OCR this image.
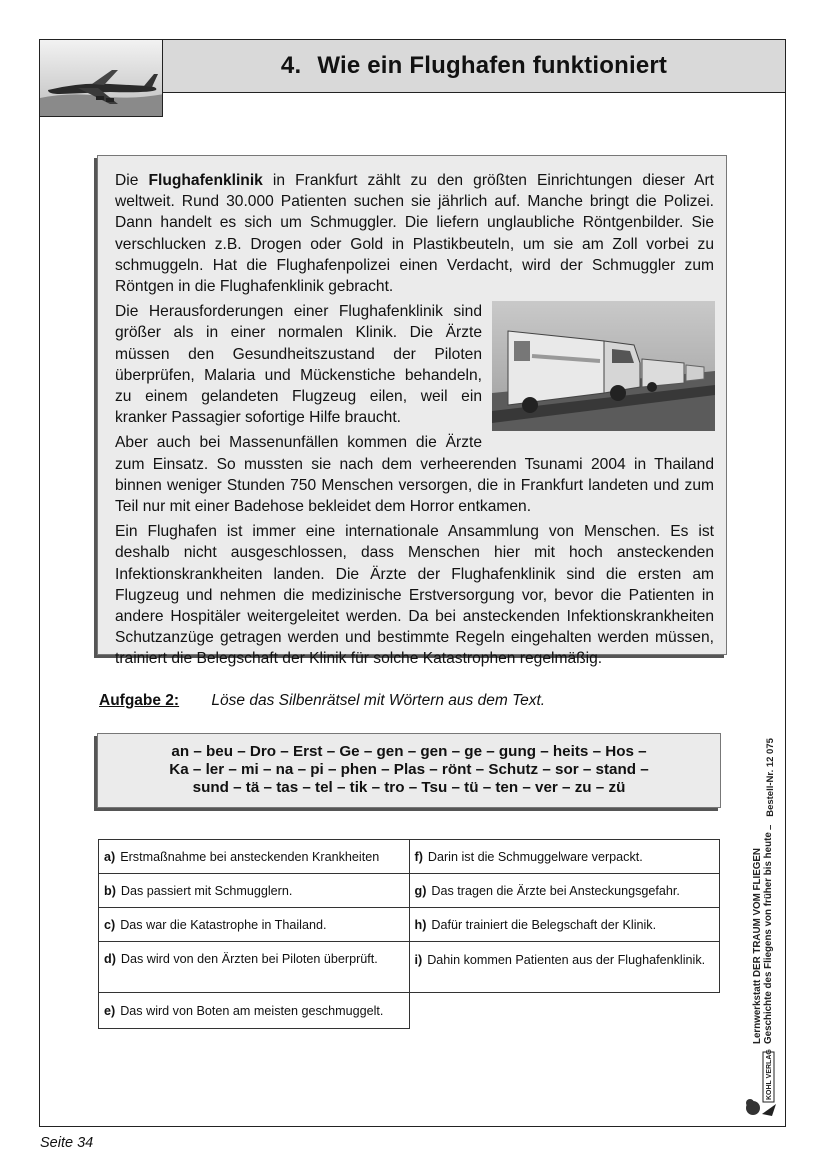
4. Wie ein Flughafen funktioniert

Die Flughafenklinik in Frankfurt zählt zu den größten Einrichtungen dieser Art weltweit. Rund 30.000 Patienten suchen sie jährlich auf. Manche bringt die Polizei. Dann handelt es sich um Schmuggler. Die liefern unglaubliche Röntgenbilder. Sie verschlucken z.B. Drogen oder Gold in Plastikbeuteln, um sie am Zoll vorbei zu schmuggeln. Hat die Flughafenpolizei einen Verdacht, wird der Schmuggler zum Röntgen in die Flughafenklinik gebracht.

Die Herausforderungen einer Flughafenklinik sind größer als in einer normalen Klinik. Die Ärzte müssen den Gesundheitszustand der Piloten überprüfen, Malaria und Mückenstiche behandeln, zu einem gelandeten Flugzeug eilen, weil ein kranker Passagier sofortige Hilfe braucht.

Aber auch bei Massenunfällen kommen die Ärzte zum Einsatz. So mussten sie nach dem verheerenden Tsunami 2004 in Thailand binnen weniger Stunden 750 Menschen versorgen, die in Frankfurt landeten und zum Teil nur mit einer Badehose bekleidet dem Horror entkamen.

Ein Flughafen ist immer eine internationale Ansammlung von Menschen. Es ist deshalb nicht ausgeschlossen, dass Menschen hier mit hoch ansteckenden Infektionskrankheiten landen. Die Ärzte der Flughafenklinik sind die ersten am Flugzeug und nehmen die medizinische Erstversorgung vor, bevor die Patienten in andere Hospitäler weitergeleitet werden. Da bei ansteckenden Infektionskrankheiten Schutzanzüge getragen werden und bestimmte Regeln eingehalten werden müssen, trainiert die Belegschaft der Klinik für solche Katastrophen regelmäßig.

Aufgabe 2: Löse das Silbenrätsel mit Wörtern aus dem Text.
an – beu – Dro – Erst – Ge – gen – gen – ge – gung – heits – Hos –
Ka – ler – mi – na – pi – phen – Plas – rönt – Schutz – sor – stand –
sund – tä – tas – tel – tik – tro – Tsu – tü – ten – ver – zu – zü
a) Erstmaßnahme bei ansteckenden Krankheiten	f) Darin ist die Schmuggelware verpackt.

b) Das passiert mit Schmugglern.	g) Das tragen die Ärzte bei Ansteckungsgefahr.

c) Das war die Katastrophe in Thailand.	h) Dafür trainiert die Belegschaft der Klinik.

d) Das wird von den Ärzten bei Piloten überprüft.	i) Dahin kommen Patienten aus der Flughafenklinik.

e) Das wird von Boten am meisten geschmuggelt.	
		Lernwerkstatt DER TRAUM VOM FLIEGEN Geschichte des Fliegens von früher bis heute
–   Bestell-Nr. 12 075
KOHL VERLAG
Seite 34
